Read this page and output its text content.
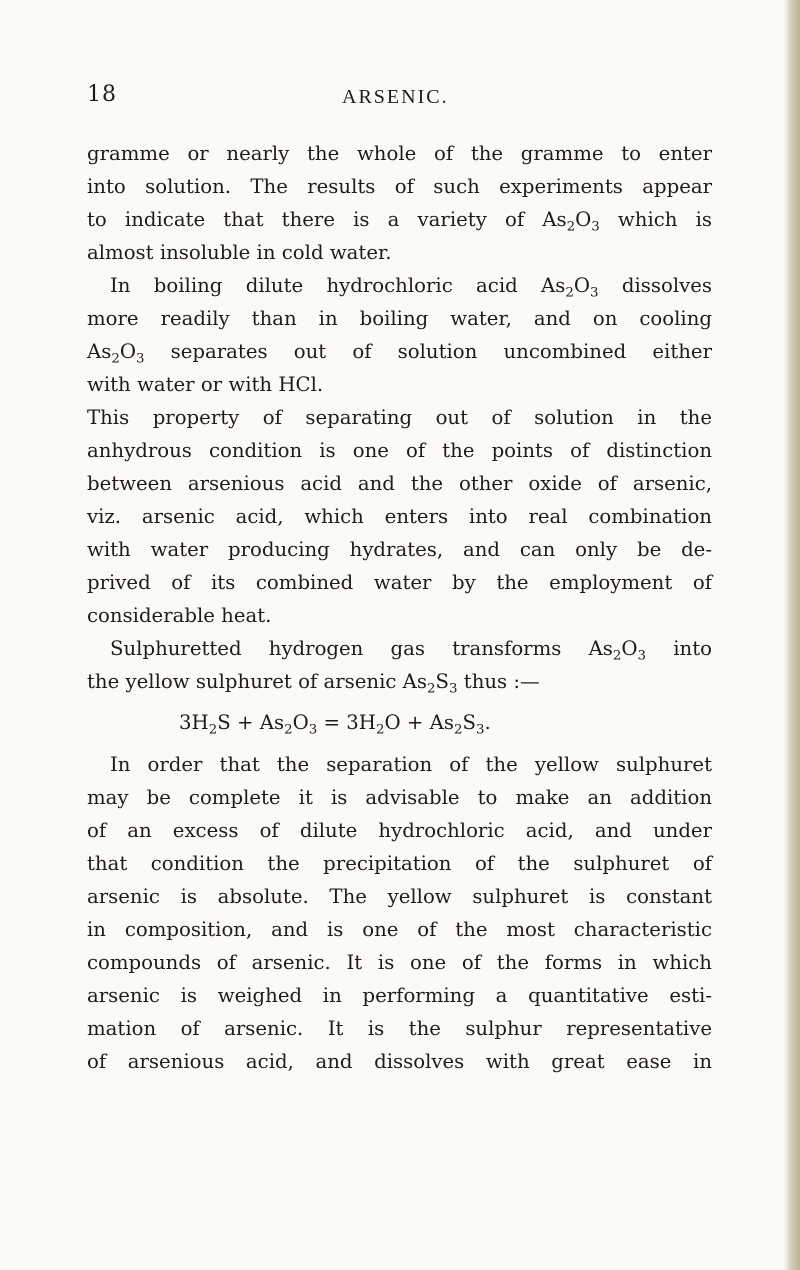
18	ARSENIC.
gramme or nearly the whole of the gramme to enter
into solution. The results of such experiments appear
to indicate that there is a variety of $As_2O_3$ which is
almost insoluble in cold water.
In boiling dilute hydrochloric acid $As_2O_3$ dissolves
more readily than in boiling water, and on cooling
$As_2O_3$ separates out of solution uncombined either
with water or with HCl.
This property of separating out of solution in the
anhydrous condition is one of the points of distinction
between arsenious acid and the other oxide of arsenic,
viz. arsenic acid, which enters into real combination
with water producing hydrates, and can only be de-
prived of its combined water by the employment of
considerable heat.
Sulphuretted hydrogen gas transforms $As_2O_3$ into
the yellow sulphuret of arsenic $As_2S_3$ thus :—
$3H_2S + As_2O_3 = 3H_2O + As_2S_3$.
In order that the separation of the yellow sulphuret
may be complete it is advisable to make an addition
of an excess of dilute hydrochloric acid, and under
that condition the precipitation of the sulphuret of
arsenic is absolute. The yellow sulphuret is constant
in composition, and is one of the most characteristic
compounds of arsenic. It is one of the forms in which
arsenic is weighed in performing a quantitative esti-
mation of arsenic. It is the sulphur representative
of arsenious acid, and dissolves with great ease in
